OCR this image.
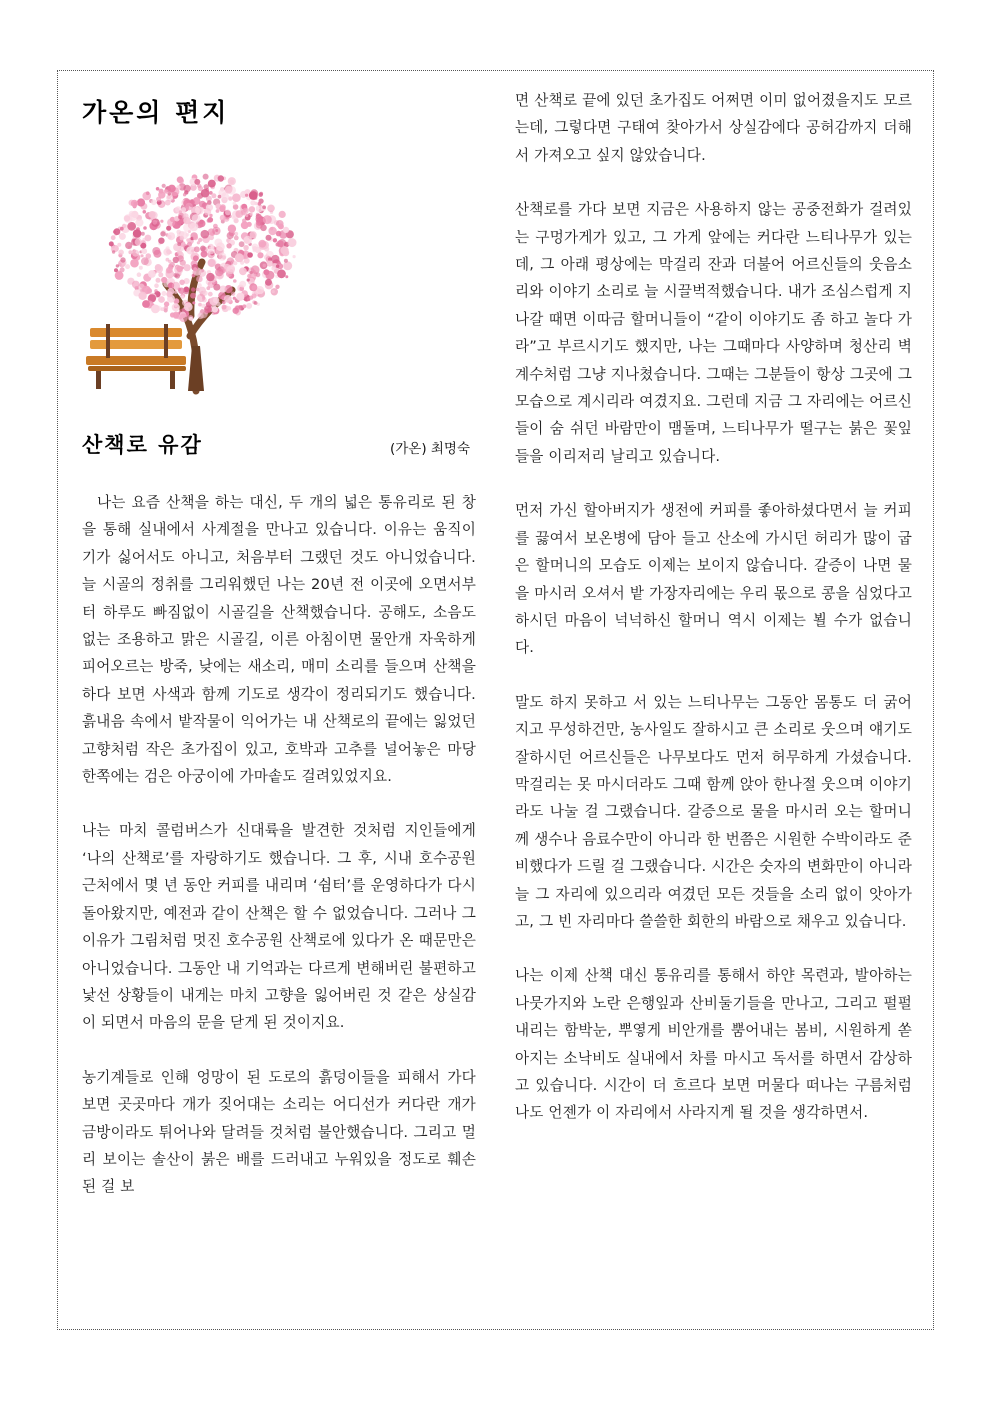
가온의 편지
산책로 유감	(가온) 최명숙

나는 요즘 산책을 하는 대신, 두 개의 넓은 통유리로 된 창을 통해 실내에서 사계절을 만나고 있습니다. 이유는 움직이기가 싫어서도 아니고, 처음부터 그랬던 것도 아니었습니다. 늘 시골의 정취를 그리워했던 나는 20년 전 이곳에 오면서부터 하루도 빠짐없이 시골길을 산책했습니다. 공해도, 소음도 없는 조용하고 맑은 시골길, 이른 아침이면 물안개 자욱하게 피어오르는 방죽, 낮에는 새소리, 매미 소리를 들으며 산책을 하다 보면 사색과 함께 기도로 생각이 정리되기도 했습니다. 흙내음 속에서 밭작물이 익어가는 내 산책로의 끝에는 잃었던 고향처럼 작은 초가집이 있고, 호박과 고추를 널어놓은 마당 한쪽에는 검은 아궁이에 가마솥도 걸려있었지요.

나는 마치 콜럼버스가 신대륙을 발견한 것처럼 지인들에게 ‘나의 산책로’를 자랑하기도 했습니다. 그 후, 시내 호수공원 근처에서 몇 년 동안 커피를 내리며 ‘쉼터’를 운영하다가 다시 돌아왔지만, 예전과 같이 산책은 할 수 없었습니다. 그러나 그 이유가 그림처럼 멋진 호수공원 산책로에 있다가 온 때문만은 아니었습니다. 그동안 내 기억과는 다르게 변해버린 불편하고 낯선 상황들이 내게는 마치 고향을 잃어버린 것 같은 상실감이 되면서 마음의 문을 닫게 된 것이지요.

농기계들로 인해 엉망이 된 도로의 흙덩이들을 피해서 가다 보면 곳곳마다 개가 짖어대는 소리는 어디선가 커다란 개가 금방이라도 튀어나와 달려들 것처럼 불안했습니다. 그리고 멀리 보이는 솔산이 붉은 배를 드러내고 누워있을 정도로 훼손된 걸 보

면 산책로 끝에 있던 초가집도 어쩌면 이미 없어졌을지도 모르는데, 그렇다면 구태여 찾아가서 상실감에다 공허감까지 더해서 가져오고 싶지 않았습니다.

산책로를 가다 보면 지금은 사용하지 않는 공중전화가 걸려있는 구멍가게가 있고, 그 가게 앞에는 커다란 느티나무가 있는데, 그 아래 평상에는 막걸리 잔과 더불어 어르신들의 웃음소리와 이야기 소리로 늘 시끌벅적했습니다. 내가 조심스럽게 지나갈 때면 이따금 할머니들이 “같이 이야기도 좀 하고 놀다 가라”고 부르시기도 했지만, 나는 그때마다 사양하며 청산리 벽계수처럼 그냥 지나쳤습니다. 그때는 그분들이 항상 그곳에 그 모습으로 계시리라 여겼지요. 그런데 지금 그 자리에는 어르신들이 숨 쉬던 바람만이 맴돌며, 느티나무가 떨구는 붉은 꽃잎들을 이리저리 날리고 있습니다.

먼저 가신 할아버지가 생전에 커피를 좋아하셨다면서 늘 커피를 끓여서 보온병에 담아 들고 산소에 가시던 허리가 많이 굽은 할머니의 모습도 이제는 보이지 않습니다. 갈증이 나면 물을 마시러 오셔서 밭 가장자리에는 우리 몫으로 콩을 심었다고 하시던 마음이 넉넉하신 할머니 역시 이제는 뵐 수가 없습니다.

말도 하지 못하고 서 있는 느티나무는 그동안 몸통도 더 굵어지고 무성하건만, 농사일도 잘하시고 큰 소리로 웃으며 얘기도 잘하시던 어르신들은 나무보다도 먼저 허무하게 가셨습니다. 막걸리는 못 마시더라도 그때 함께 앉아 한나절 웃으며 이야기라도 나눌 걸 그랬습니다. 갈증으로 물을 마시러 오는 할머니께 생수나 음료수만이 아니라 한 번쯤은 시원한 수박이라도 준비했다가 드릴 걸 그랬습니다. 시간은 숫자의 변화만이 아니라 늘 그 자리에 있으리라 여겼던 모든 것들을 소리 없이 앗아가고, 그 빈 자리마다 쓸쓸한 회한의 바람으로 채우고 있습니다.

나는 이제 산책 대신 통유리를 통해서 하얀 목련과, 발아하는 나뭇가지와 노란 은행잎과 산비둘기들을 만나고, 그리고 펄펄 내리는 함박눈, 뿌옇게 비안개를 뿜어내는 봄비, 시원하게 쏟아지는 소낙비도 실내에서 차를 마시고 독서를 하면서 감상하고 있습니다. 시간이 더 흐르다 보면 머물다 떠나는 구름처럼 나도 언젠가 이 자리에서 사라지게 될 것을 생각하면서.
